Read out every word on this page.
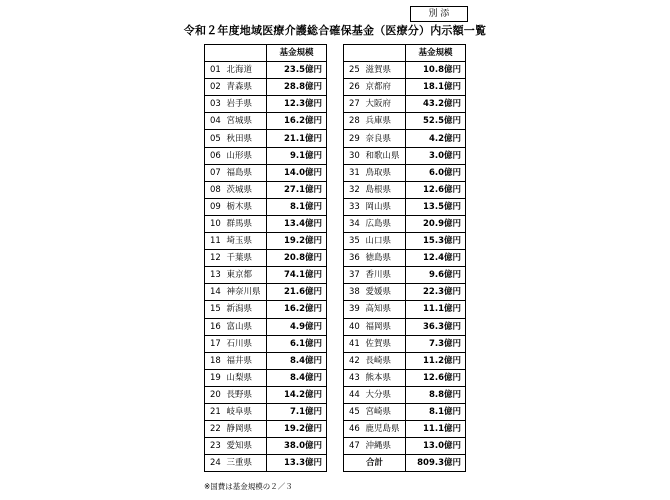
別 添
令和２年度地域医療介護総合確保基金（医療分）内示額一覧
		基金規模
01	北海道	23.5億円
02	青森県	28.8億円
03	岩手県	12.3億円
04	宮城県	16.2億円
05	秋田県	21.1億円
06	山形県	9.1億円
07	福島県	14.0億円
08	茨城県	27.1億円
09	栃木県	8.1億円
10	群馬県	13.4億円
11	埼玉県	19.2億円
12	千葉県	20.8億円
13	東京都	74.1億円
14	神奈川県	21.6億円
15	新潟県	16.2億円
16	富山県	4.9億円
17	石川県	6.1億円
18	福井県	8.4億円
19	山梨県	8.4億円
20	長野県	14.2億円
21	岐阜県	7.1億円
22	静岡県	19.2億円
23	愛知県	38.0億円
24	三重県	13.3億円
		基金規模
25	滋賀県	10.8億円
26	京都府	18.1億円
27	大阪府	43.2億円
28	兵庫県	52.5億円
29	奈良県	4.2億円
30	和歌山県	3.0億円
31	鳥取県	6.0億円
32	島根県	12.6億円
33	岡山県	13.5億円
34	広島県	20.9億円
35	山口県	15.3億円
36	徳島県	12.4億円
37	香川県	9.6億円
38	愛媛県	22.3億円
39	高知県	11.1億円
40	福岡県	36.3億円
41	佐賀県	7.3億円
42	長崎県	11.2億円
43	熊本県	12.6億円
44	大分県	8.8億円
45	宮崎県	8.1億円
46	鹿児島県	11.1億円
47	沖縄県	13.0億円
合計		809.3億円
※国費は基金規模の２／３
